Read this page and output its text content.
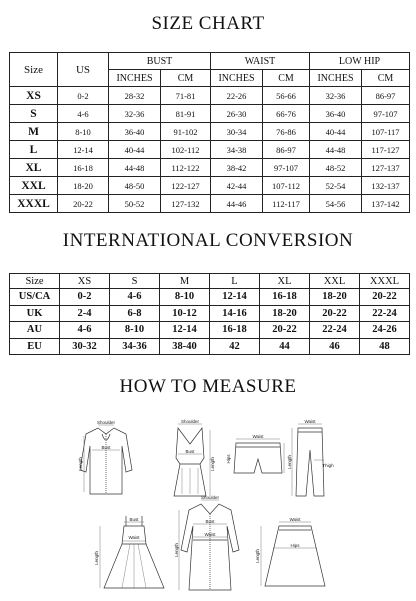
SIZE CHART
INTERNATIONAL CONVERSION
HOW TO MEASURE
Size	US	BUST		WAIST		LOW HIP	
		INCHES	CM	INCHES	CM	INCHES	CM
XS	0-2	28-32	71-81	22-26	56-66	32-36	86-97
S	4-6	32-36	81-91	26-30	66-76	36-40	97-107
M	8-10	36-40	91-102	30-34	76-86	40-44	107-117
L	12-14	40-44	102-112	34-38	86-97	44-48	117-127
XL	16-18	44-48	112-122	38-42	97-107	48-52	127-137
XXL	18-20	48-50	122-127	42-44	107-112	52-54	132-137
XXXL	20-22	50-52	127-132	44-46	112-117	54-56	137-142
Size	XS	S	M	L	XL	XXL	XXXL
US/CA	0-2	4-6	8-10	12-14	16-18	18-20	20-22
UK	2-4	6-8	10-12	14-16	18-20	20-22	22-24
AU	4-6	8-10	12-14	16-18	20-22	22-24	24-26
EU	30-32	34-36	38-40	42	44	46	48
Shoulder
Bust
Length
Shoulder
Bust
Length
Waist
Hips
Waist
Length	Thigh
Bust
Waist
Length
Shoulder
Bust
Waist
Length
Waist
Hips
Length
